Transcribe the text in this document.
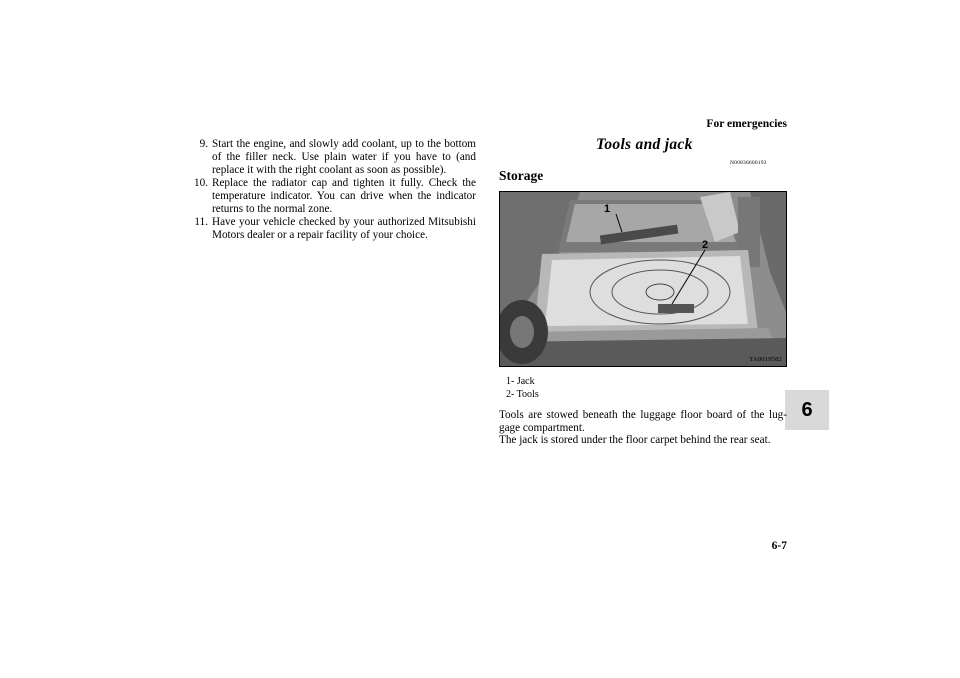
For emergencies
6
9. Start the engine, and slowly add coolant, up to the bottom of the filler neck. Use plain water if you have to (and replace it with the right coolant as soon as possible).
10. Replace the radiator cap and tighten it fully. Check the temperature indicator. You can drive when the indicator returns to the normal zone.
11. Have your vehicle checked by your authorized Mitsubishi Motors dealer or a repair facility of your choice.
Tools and jack
N00836600193
Storage
1
2
TA0019582
1- Jack
2- Tools

Tools are stowed beneath the luggage floor board of the lug-gage compartment.

The jack is stored under the floor carpet behind the rear seat.

6-7
